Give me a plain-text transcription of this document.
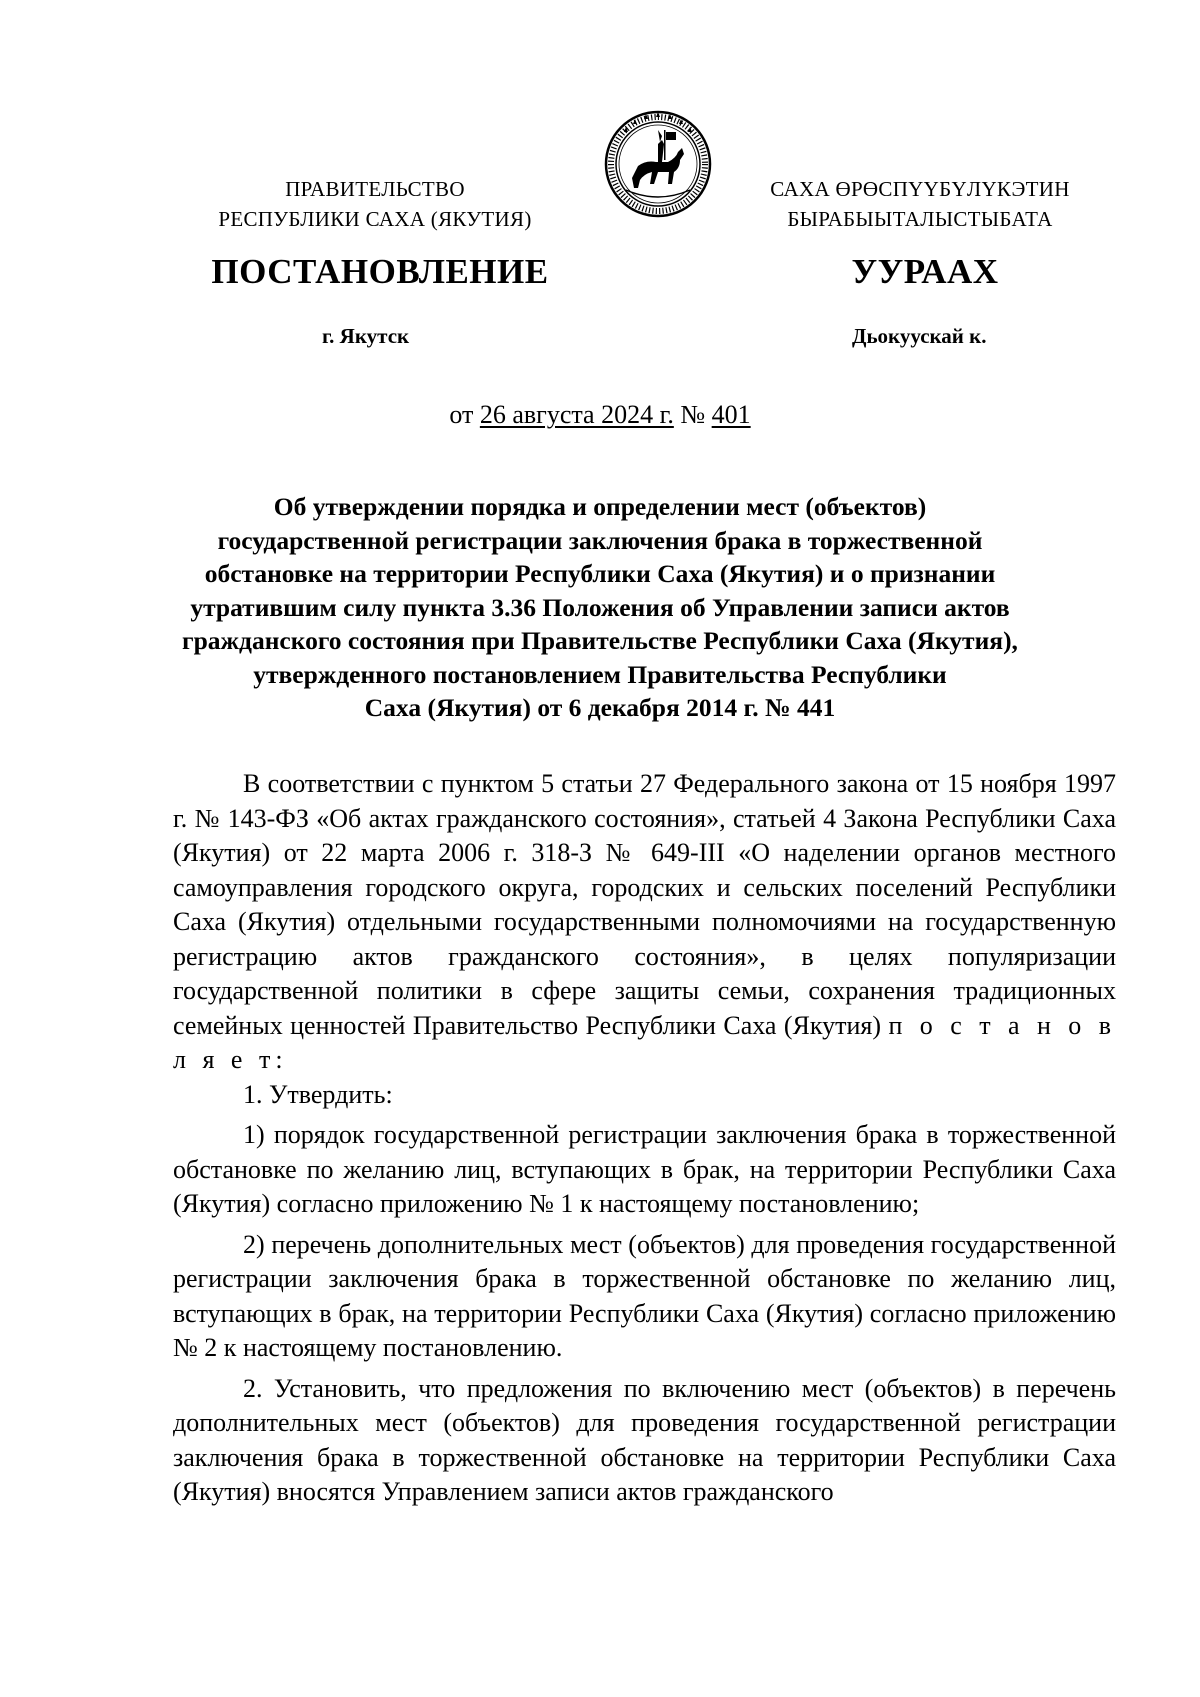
ПРАВИТЕЛЬСТВО
РЕСПУБЛИКИ САХА (ЯКУТИЯ)
САХА ӨРӨСПҮҮБҮЛҮКЭТИН
БЫРАБЫЫТАЛЫСТЫБАТА
ПОСТАНОВЛЕНИЕ	УУРААХ
г. Якутск	Дьокуускай к.
от 26 августа 2024 г. № 401
Об утверждении порядка и определении мест (объектов)
государственной регистрации заключения брака в торжественной
обстановке на территории Республики Саха (Якутия) и о признании
утратившим силу пункта 3.36 Положения об Управлении записи актов
гражданского состояния при Правительстве Республики Саха (Якутия),
утвержденного постановлением Правительства Республики
Саха (Якутия) от 6 декабря 2014 г. № 441

В соответствии с пунктом 5 статьи 27 Федерального закона от 15 ноября 1997 г. № 143-ФЗ «Об актах гражданского состояния», статьей 4 Закона Республики Саха (Якутия) от 22 марта 2006 г. 318-З № 649-III «О наделении органов местного самоуправления городского округа, городских и сельских поселений Республики Саха (Якутия) отдельными государственными полномочиями на государственную регистрацию актов гражданского состояния», в целях популяризации государственной политики в сфере защиты семьи, сохранения традиционных семейных ценностей Правительство Республики Саха (Якутия) п о с т а н о в л я е т:

1. Утвердить:

1) порядок государственной регистрации заключения брака в торжественной обстановке по желанию лиц, вступающих в брак, на территории Республики Саха (Якутия) согласно приложению № 1 к настоящему постановлению;

2) перечень дополнительных мест (объектов) для проведения государственной регистрации заключения брака в торжественной обстановке по желанию лиц, вступающих в брак, на территории Республики Саха (Якутия) согласно приложению № 2 к настоящему постановлению.

2. Установить, что предложения по включению мест (объектов) в перечень дополнительных мест (объектов) для проведения государственной регистрации заключения брака в торжественной обстановке на территории Республики Саха (Якутия) вносятся Управлением записи актов гражданского
